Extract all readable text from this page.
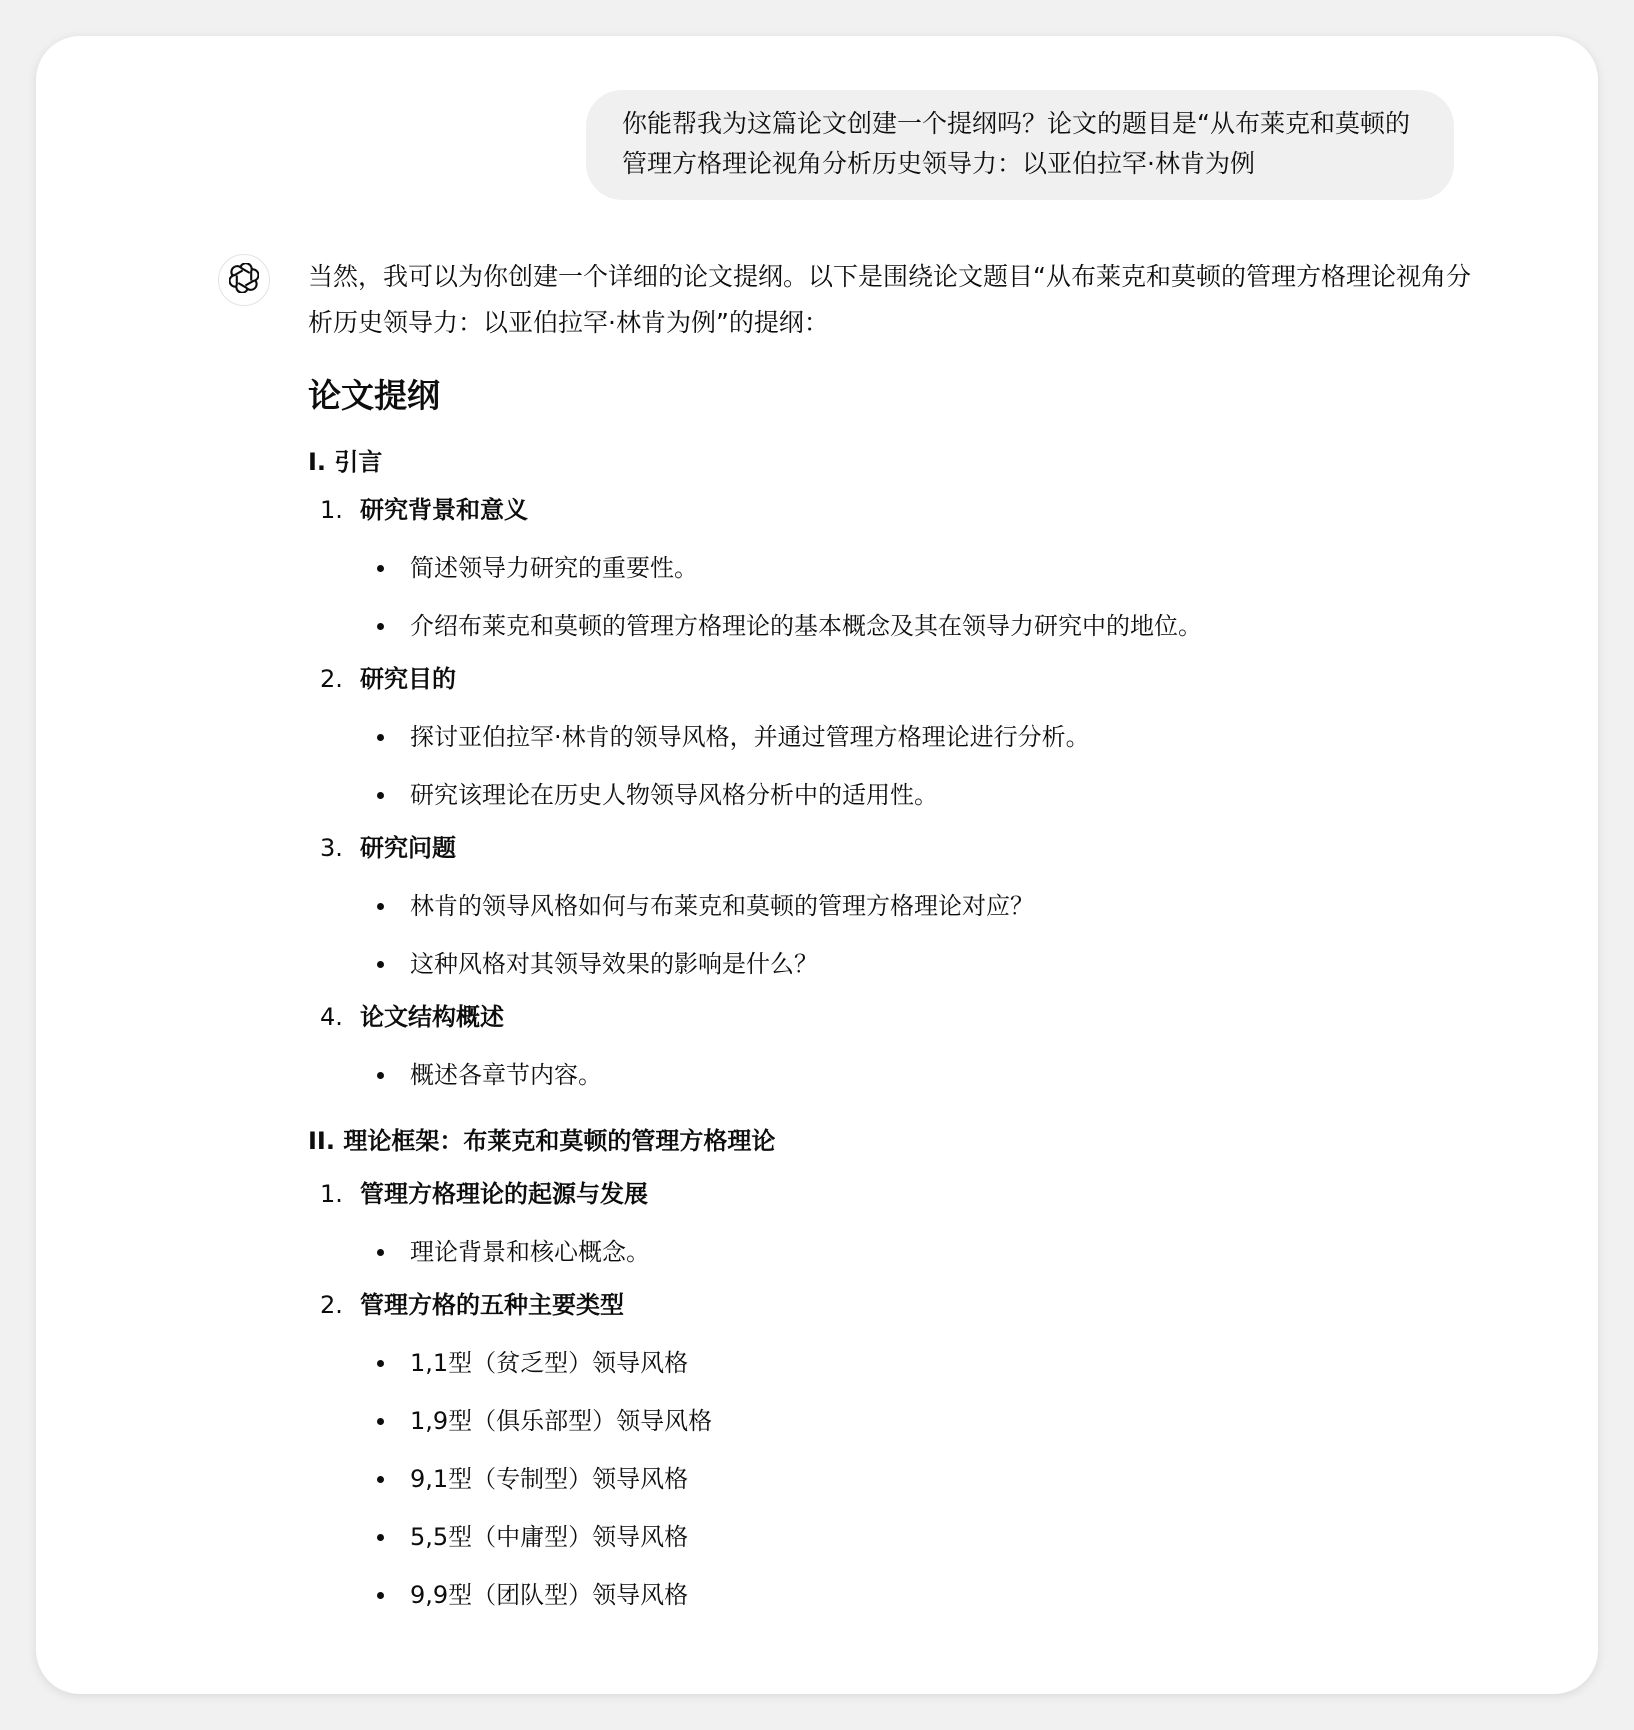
你能帮我为这篇论文创建一个提纲吗？论文的题目是“从布莱克和莫顿的管理方格理论视角分析历史领导力：以亚伯拉罕·林肯为例

当然，我可以为你创建一个详细的论文提纲。以下是围绕论文题目“从布莱克和莫顿的管理方格理论视角分析历史领导力：以亚伯拉罕·林肯为例”的提纲：

论文提纲
I. 引言
1. 研究背景和意义
简述领导力研究的重要性。
介绍布莱克和莫顿的管理方格理论的基本概念及其在领导力研究中的地位。
2. 研究目的
探讨亚伯拉罕·林肯的领导风格，并通过管理方格理论进行分析。
研究该理论在历史人物领导风格分析中的适用性。
3. 研究问题
林肯的领导风格如何与布莱克和莫顿的管理方格理论对应？
这种风格对其领导效果的影响是什么？
4. 论文结构概述
概述各章节内容。
II. 理论框架：布莱克和莫顿的管理方格理论
1. 管理方格理论的起源与发展
理论背景和核心概念。
2. 管理方格的五种主要类型
1,1型（贫乏型）领导风格
1,9型（俱乐部型）领导风格
9,1型（专制型）领导风格
5,5型（中庸型）领导风格
9,9型（团队型）领导风格
